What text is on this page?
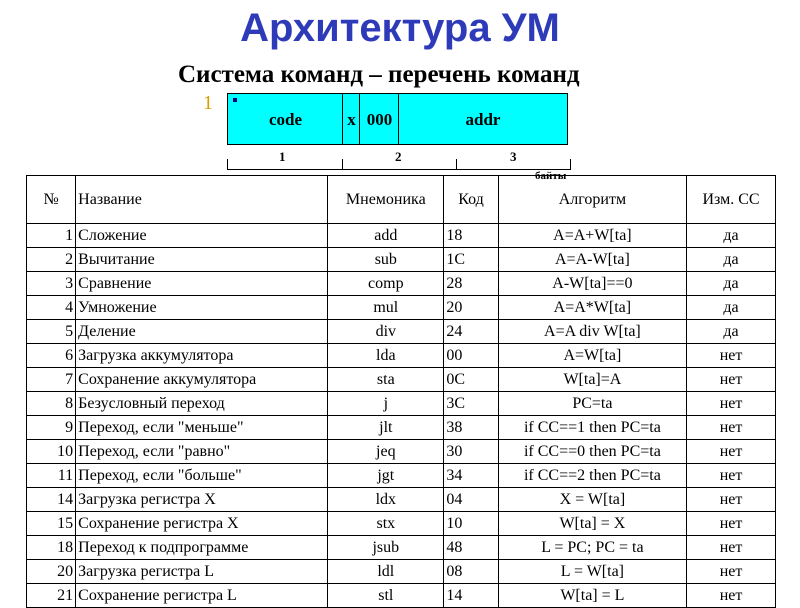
Архитектура УМ
Система команд – перечень команд
1
code	x 000	addr
1	2	3
байты
№	Название	Мнемоника	Код	Алгоритм	Изм. СС
1	Сложение	add	18	A=A+W[ta]	да
2	Вычитание	sub	1C	A=A-W[ta]	да
3	Сравнение	comp	28	A-W[ta]==0	да
4	Умножение	mul	20	A=A*W[ta]	да
5	Деление	div	24	A=A div W[ta]	да
6	Загрузка аккумулятора	lda	00	A=W[ta]	нет
7	Сохранение аккумулятора	sta	0C	W[ta]=A	нет
8	Безусловный переход	j	3C	PC=ta	нет
9	Переход, если "меньше"	jlt	38	if CC==1 then PC=ta	нет
10	Переход, если "равно"	jeq	30	if CC==0 then PC=ta	нет
11	Переход, если "больше"	jgt	34	if CC==2 then PC=ta	нет
14	Загрузка регистра X	ldx	04	X = W[ta]	нет
15	Сохранение регистра X	stx	10	W[ta] = X	нет
18	Переход к подпрограмме	jsub	48	L = PC; PC = ta	нет
20	Загрузка регистра L	ldl	08	L = W[ta]	нет
21	Сохранение регистра L	stl	14	W[ta] = L	нет
